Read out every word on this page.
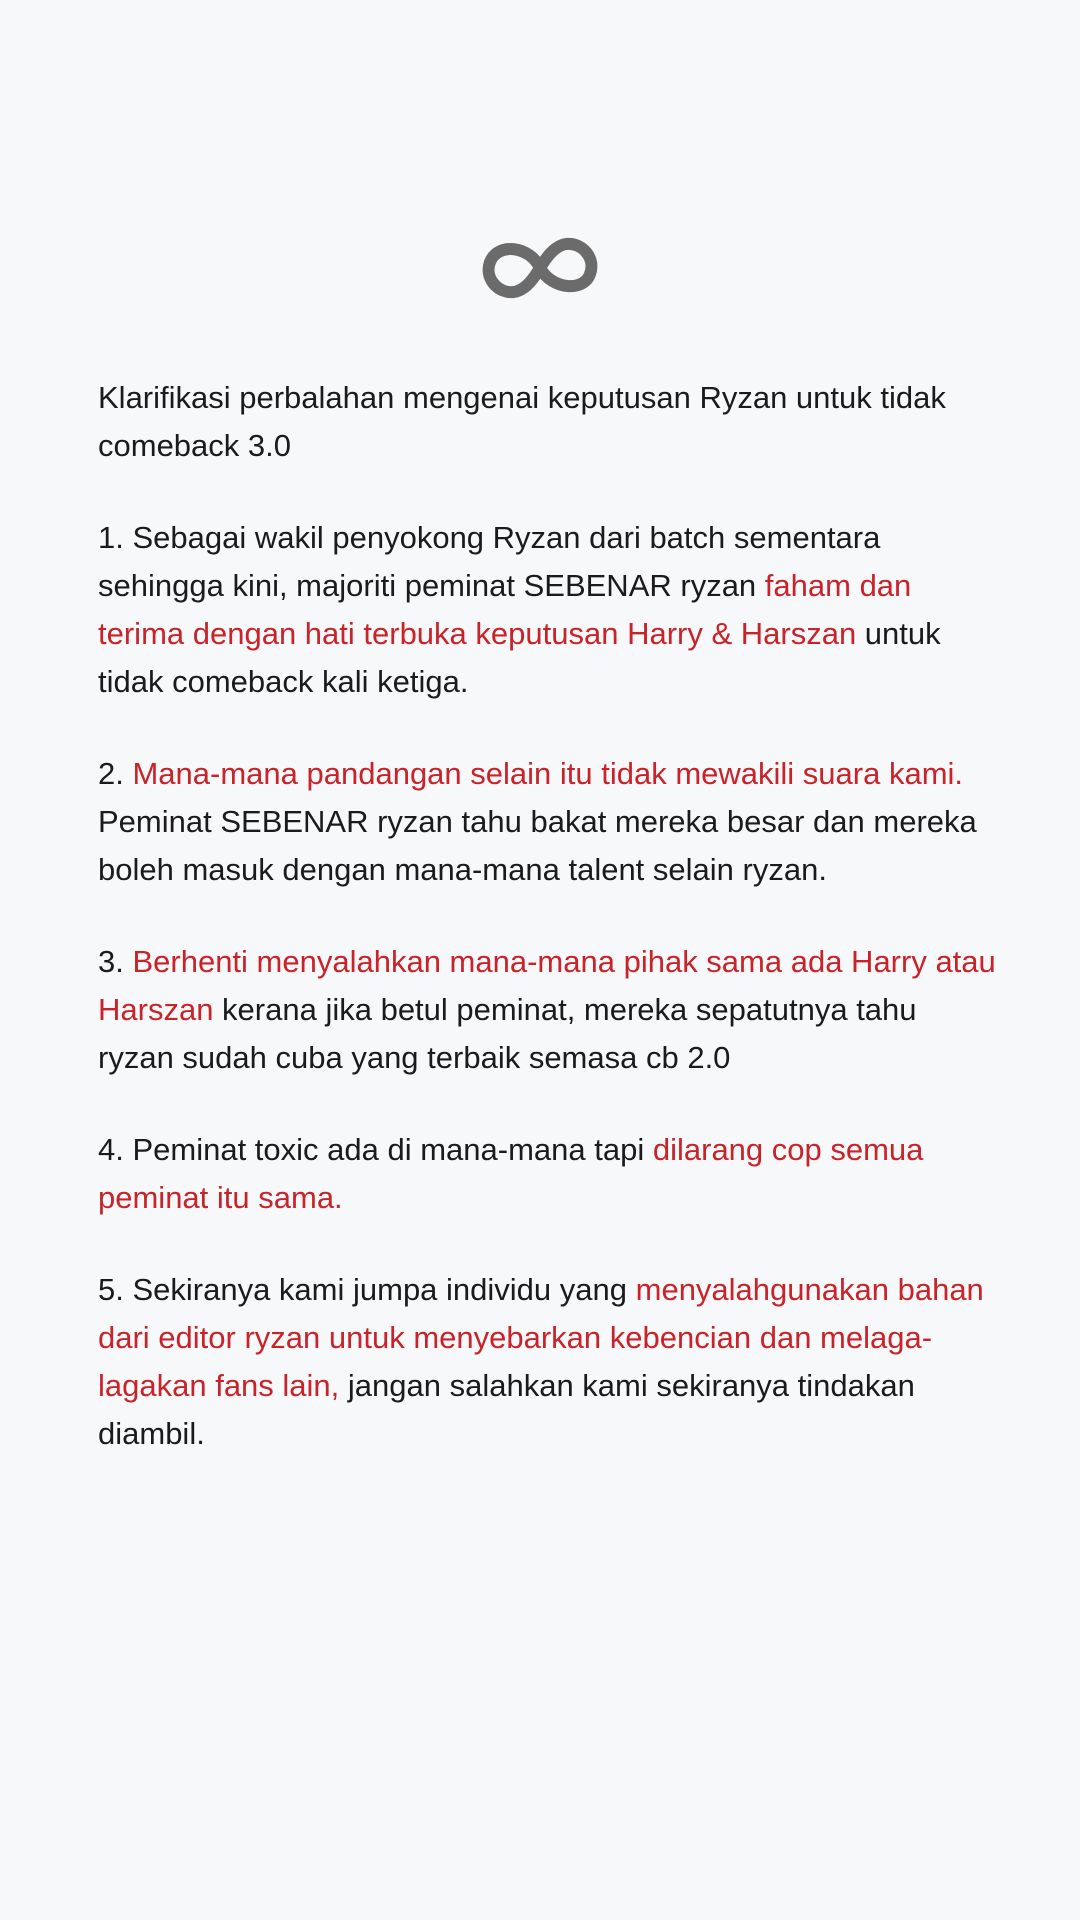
Klarifikasi perbalahan mengenai keputusan Ryzan untuk tidak comeback 3.0

1. Sebagai wakil penyokong Ryzan dari batch sementara sehingga kini, majoriti peminat SEBENAR ryzan faham dan terima dengan hati terbuka keputusan Harry & Harszan untuk tidak comeback kali ketiga.

2. Mana-mana pandangan selain itu tidak mewakili suara kami. Peminat SEBENAR ryzan tahu bakat mereka besar dan mereka boleh masuk dengan mana-mana talent selain ryzan.

3. Berhenti menyalahkan mana-mana pihak sama ada Harry atau Harszan kerana jika betul peminat, mereka sepatutnya tahu ryzan sudah cuba yang terbaik semasa cb 2.0

4. Peminat toxic ada di mana-mana tapi dilarang cop semua peminat itu sama.

5. Sekiranya kami jumpa individu yang menyalahgunakan bahan dari editor ryzan untuk menyebarkan kebencian dan melaga-lagakan fans lain, jangan salahkan kami sekiranya tindakan diambil.
